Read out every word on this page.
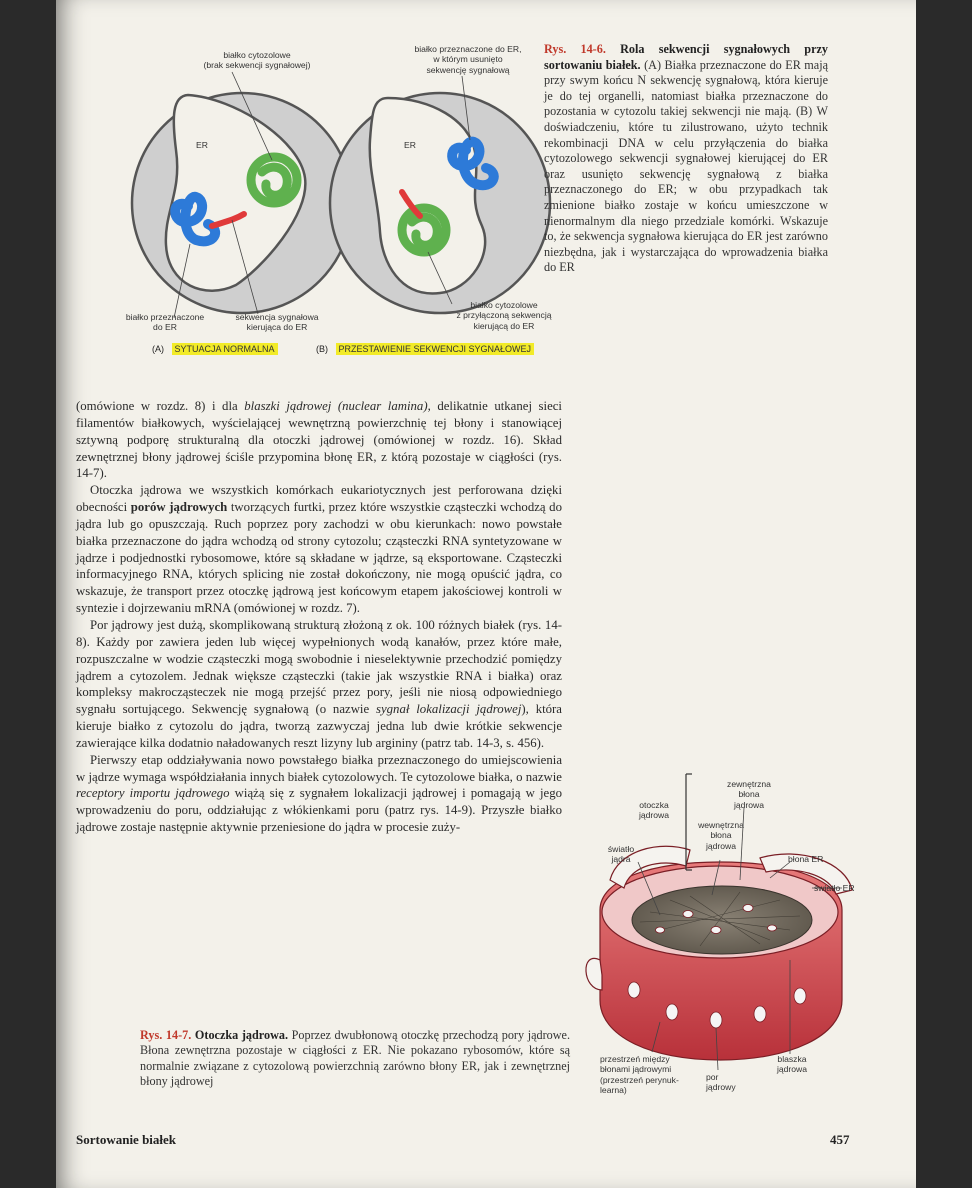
białko cytozolowe
(brak sekwencji sygnałowej)
białko przeznaczone do ER,
w którym usunięto
sekwencję sygnałową
ER	ER
białko przeznaczone
do ER
sekwencja sygnałowa
kierująca do ER
białko cytozolowe
z przyłączoną sekwencją
kierującą do ER
(A) SYTUACJA NORMALNA	(B) PRZESTAWIENIE SEKWENCJI SYGNAŁOWEJ
Rys. 14-6. Rola sekwencji sygnałowych przy sortowaniu białek. (A) Białka przeznaczone do ER mają przy swym końcu N sekwencję sygnałową, która kieruje je do tej organelli, natomiast białka przeznaczone do pozostania w cytozolu takiej sekwencji nie mają. (B) W doświadczeniu, które tu zilustrowano, użyto technik rekombinacji DNA w celu przyłączenia do białka cytozolowego sekwencji sygnałowej kierującej do ER oraz usunięto sekwencję sygnałową z białka przeznaczonego do ER; w obu przypadkach tak zmienione białko zostaje w końcu umieszczone w nienormalnym dla niego przedziale komórki. Wskazuje to, że sekwencja sygnałowa kierująca do ER jest zarówno niezbędna, jak i wystarczająca do wprowadzenia białka do ER

(omówione w rozdz. 8) i dla blaszki jądrowej (nuclear lamina), delikatnie utkanej sieci filamentów białkowych, wyścielającej wewnętrzną powierzchnię tej błony i stanowiącej sztywną podporę strukturalną dla otoczki jądrowej (omówionej w rozdz. 16). Skład zewnętrznej błony jądrowej ściśle przypomina błonę ER, z którą pozostaje w ciągłości (rys. 14-7).

Otoczka jądrowa we wszystkich komórkach eukariotycznych jest perforowana dzięki obecności porów jądrowych tworzących furtki, przez które wszystkie cząsteczki wchodzą do jądra lub go opuszczają. Ruch poprzez pory zachodzi w obu kierunkach: nowo powstałe białka przeznaczone do jądra wchodzą od strony cytozolu; cząsteczki RNA syntetyzowane w jądrze i podjednostki rybosomowe, które są składane w jądrze, są eksportowane. Cząsteczki informacyjnego RNA, których splicing nie został dokończony, nie mogą opuścić jądra, co wskazuje, że transport przez otoczkę jądrową jest końcowym etapem jakościowej kontroli w syntezie i dojrzewaniu mRNA (omówionej w rozdz. 7).

Por jądrowy jest dużą, skomplikowaną strukturą złożoną z ok. 100 różnych białek (rys. 14-8). Każdy por zawiera jeden lub więcej wypełnionych wodą kanałów, przez które małe, rozpuszczalne w wodzie cząsteczki mogą swobodnie i nieselektywnie przechodzić pomiędzy jądrem a cytozolem. Jednak większe cząsteczki (takie jak wszystkie RNA i białka) oraz kompleksy makrocząsteczek nie mogą przejść przez pory, jeśli nie niosą odpowiedniego sygnału sortującego. Sekwencję sygnałową (o nazwie sygnał lokalizacji jądrowej), która kieruje białko z cytozolu do jądra, tworzą zazwyczaj jedna lub dwie krótkie sekwencje zawierające kilka dodatnio naładowanych reszt lizyny lub argininy (patrz tab. 14-3, s. 456).

Pierwszy etap oddziaływania nowo powstałego białka przeznaczonego do umiejscowienia w jądrze wymaga współdziałania innych białek cytozolowych. Te cytozolowe białka, o nazwie receptory importu jądrowego wiążą się z sygnałem lokalizacji jądrowej i pomagają w jego wprowadzeniu do poru, oddziałując z włókienkami poru (patrz rys. 14-9). Przyszłe białko jądrowe zostaje następnie aktywnie przeniesione do jądra w procesie zuży-

otoczka
jądrowa
zewnętrzna
błona
jądrowa
wewnętrzna
błona
jądrowa
światło
jądra	błona ER
światło ER
przestrzeń między
błonami jądrowymi
(przestrzeń perynuk-
learna)
por
jądrowy
blaszka
jądrowa
Rys. 14-7. Otoczka jądrowa. Poprzez dwubłonową otoczkę przechodzą pory jądrowe. Błona zewnętrzna pozostaje w ciągłości z ER. Nie pokazano rybosomów, które są normalnie związane z cytozolową powierzchnią zarówno błony ER, jak i zewnętrznej błony jądrowej
Sortowanie białek	457
